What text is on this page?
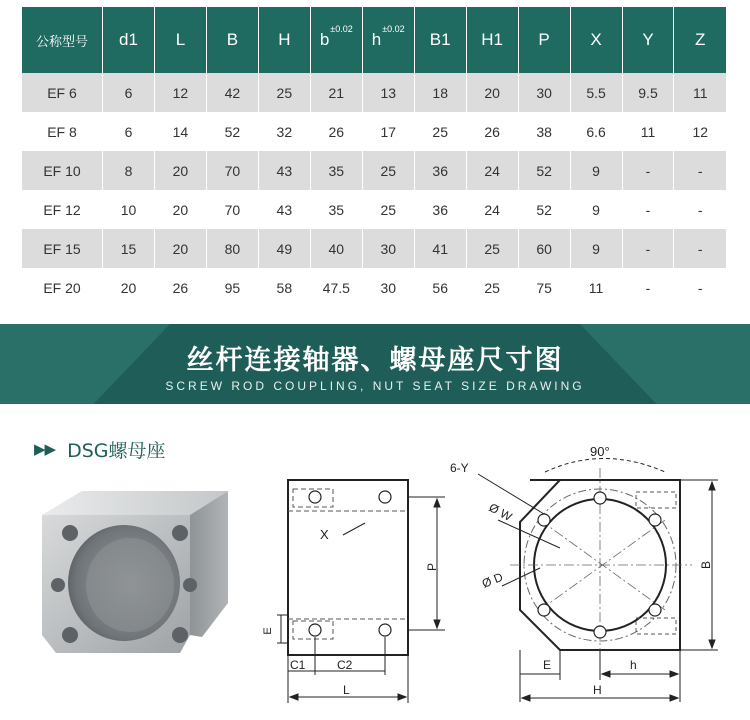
公称型号	d1	L	B	H	$b^{\pm 0.02}$	$h^{\pm 0.02}$	B1	H1	P	X	Y	Z
EF 6	6	12	42	25	21	13	18	20	30	5.5	9.5	11
EF 8	6	14	52	32	26	17	25	26	38	6.6	11	12
EF 10	8	20	70	43	35	25	36	24	52	9	-	-
EF 12	10	20	70	43	35	25	36	24	52	9	-	-
EF 15	15	20	80	49	40	30	41	25	60	9	-	-
EF 20	20	26	95	58	47.5	30	56	25	75	11	-	-
丝杆连接轴器、螺母座尺寸图
SCREW ROD COUPLING, NUT SEAT SIZE DRAWING
▶▶ DSG螺母座
P
X
E
C1	C2
L
90°
6-Y
Ø W
Ø D
B
E	h
H
